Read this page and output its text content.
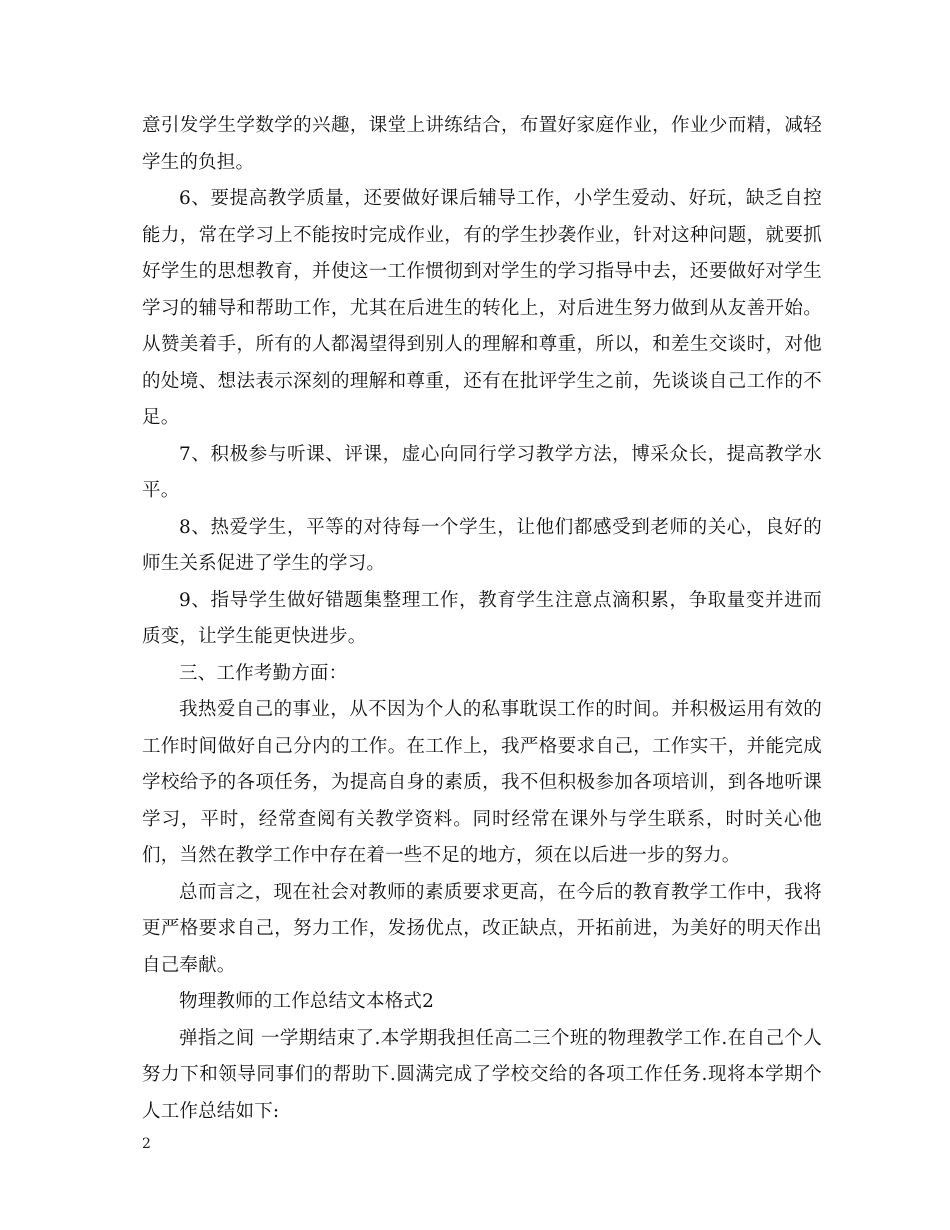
意引发学生学数学的兴趣，课堂上讲练结合，布置好家庭作业，作业少而精，减轻学生的负担。

6、要提高教学质量，还要做好课后辅导工作，小学生爱动、好玩，缺乏自控能力，常在学习上不能按时完成作业，有的学生抄袭作业，针对这种问题，就要抓好学生的思想教育，并使这一工作惯彻到对学生的学习指导中去，还要做好对学生学习的辅导和帮助工作，尤其在后进生的转化上，对后进生努力做到从友善开始。从赞美着手，所有的人都渴望得到别人的理解和尊重，所以，和差生交谈时，对他的处境、想法表示深刻的理解和尊重，还有在批评学生之前，先谈谈自己工作的不足。

7、积极参与听课、评课，虚心向同行学习教学方法，博采众长，提高教学水平。

8、热爱学生，平等的对待每一个学生，让他们都感受到老师的关心，良好的师生关系促进了学生的学习。

9、指导学生做好错题集整理工作，教育学生注意点滴积累，争取量变并进而质变，让学生能更快进步。

三、工作考勤方面：

我热爱自己的事业，从不因为个人的私事耽误工作的时间。并积极运用有效的工作时间做好自己分内的工作。在工作上，我严格要求自己，工作实干，并能完成学校给予的各项任务，为提高自身的素质，我不但积极参加各项培训，到各地听课学习，平时，经常查阅有关教学资料。同时经常在课外与学生联系，时时关心他们，当然在教学工作中存在着一些不足的地方，须在以后进一步的努力。

总而言之，现在社会对教师的素质要求更高，在今后的教育教学工作中，我将更严格要求自己，努力工作，发扬优点，改正缺点，开拓前进，为美好的明天作出自己奉献。

物理教师的工作总结文本格式2

弹指之间 一学期结束了.本学期我担任高二三个班的物理教学工作.在自己个人努力下和领导同事们的帮助下.圆满完成了学校交给的各项工作任务.现将本学期个人工作总结如下:

2
